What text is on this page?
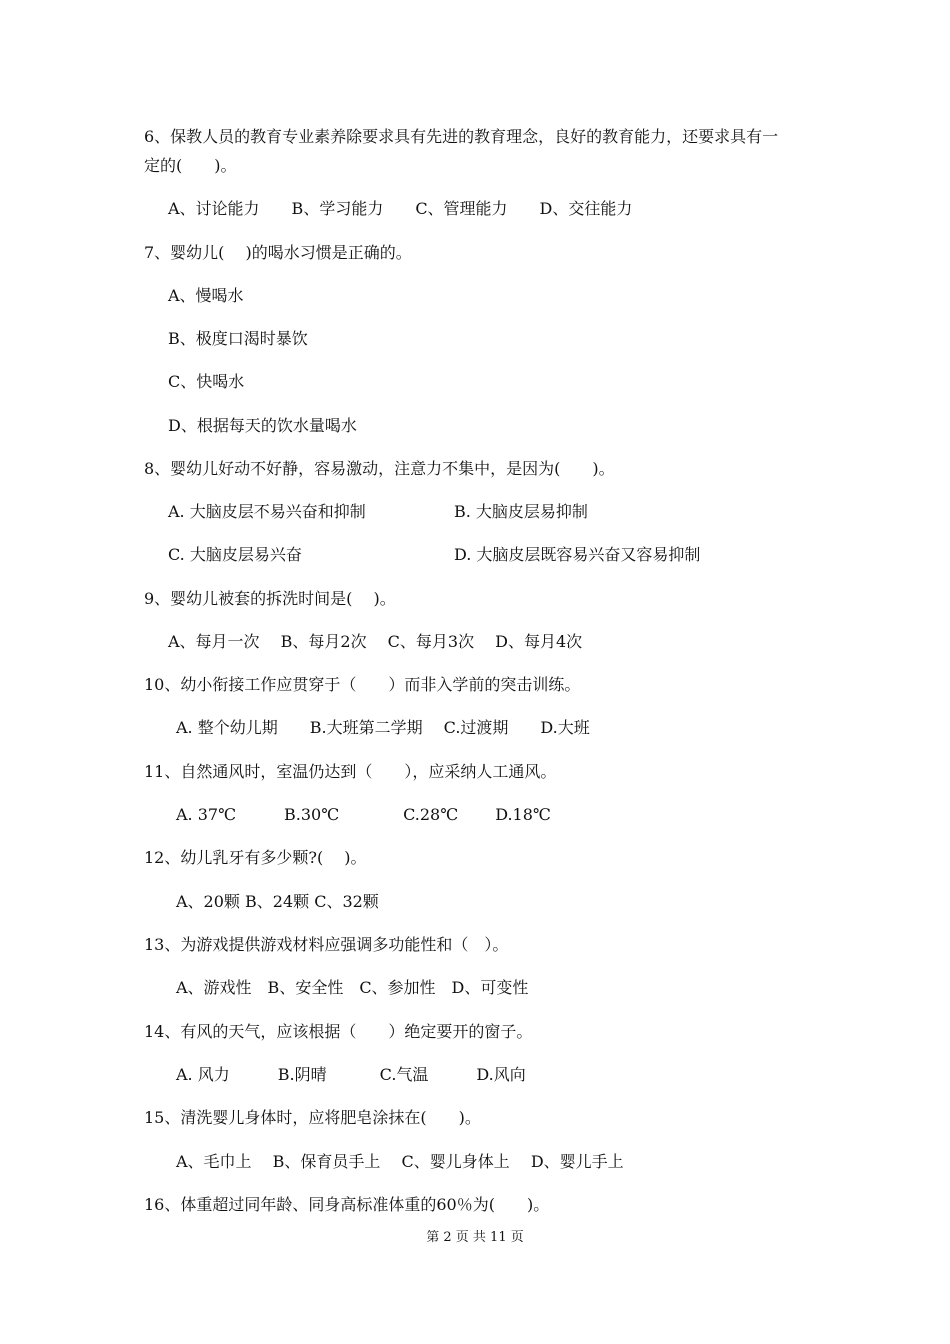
6、保教人员的教育专业素养除要求具有先进的教育理念，良好的教育能力，还要求具有一
定的(　　)。
A、讨论能力　　B、学习能力　　C、管理能力　　D、交往能力
7、婴幼儿(　 )的喝水习惯是正确的。
A、慢喝水
B、极度口渴时暴饮
C、快喝水
D、根据每天的饮水量喝水
8、婴幼儿好动不好静，容易激动，注意力不集中，是因为(　　)。
A. 大脑皮层不易兴奋和抑制	B. 大脑皮层易抑制
C. 大脑皮层易兴奋	D. 大脑皮层既容易兴奋又容易抑制
9、婴幼儿被套的拆洗时间是(　 )。
A、每月一次　 B、每月2次　 C、每月3次　 D、每月4次
10、幼小衔接工作应贯穿于（　　）而非入学前的突击训练。
A. 整个幼儿期　　B.大班第二学期　 C.过渡期　　D.大班
11、自然通风时，室温仍达到（　　），应采纳人工通风。
A. 37℃　　　B.30℃　　　　C.28℃　　 D.18℃
12、幼儿乳牙有多少颗?(　 )。
A、20颗 B、24颗 C、32颗
13、为游戏提供游戏材料应强调多功能性和（　）。
A、游戏性　B、安全性　C、参加性　D、可变性
14、有风的天气，应该根据（　　）绝定要开的窗子。
A. 风力　　　B.阴晴　　　 C.气温　　　D.风向
15、清洗婴儿身体时，应将肥皂涂抹在(　　)。
A、毛巾上　 B、保育员手上　 C、婴儿身体上　 D、婴儿手上
16、体重超过同年龄、同身高标准体重的60％为(　　)。
第 2 页 共 11 页
